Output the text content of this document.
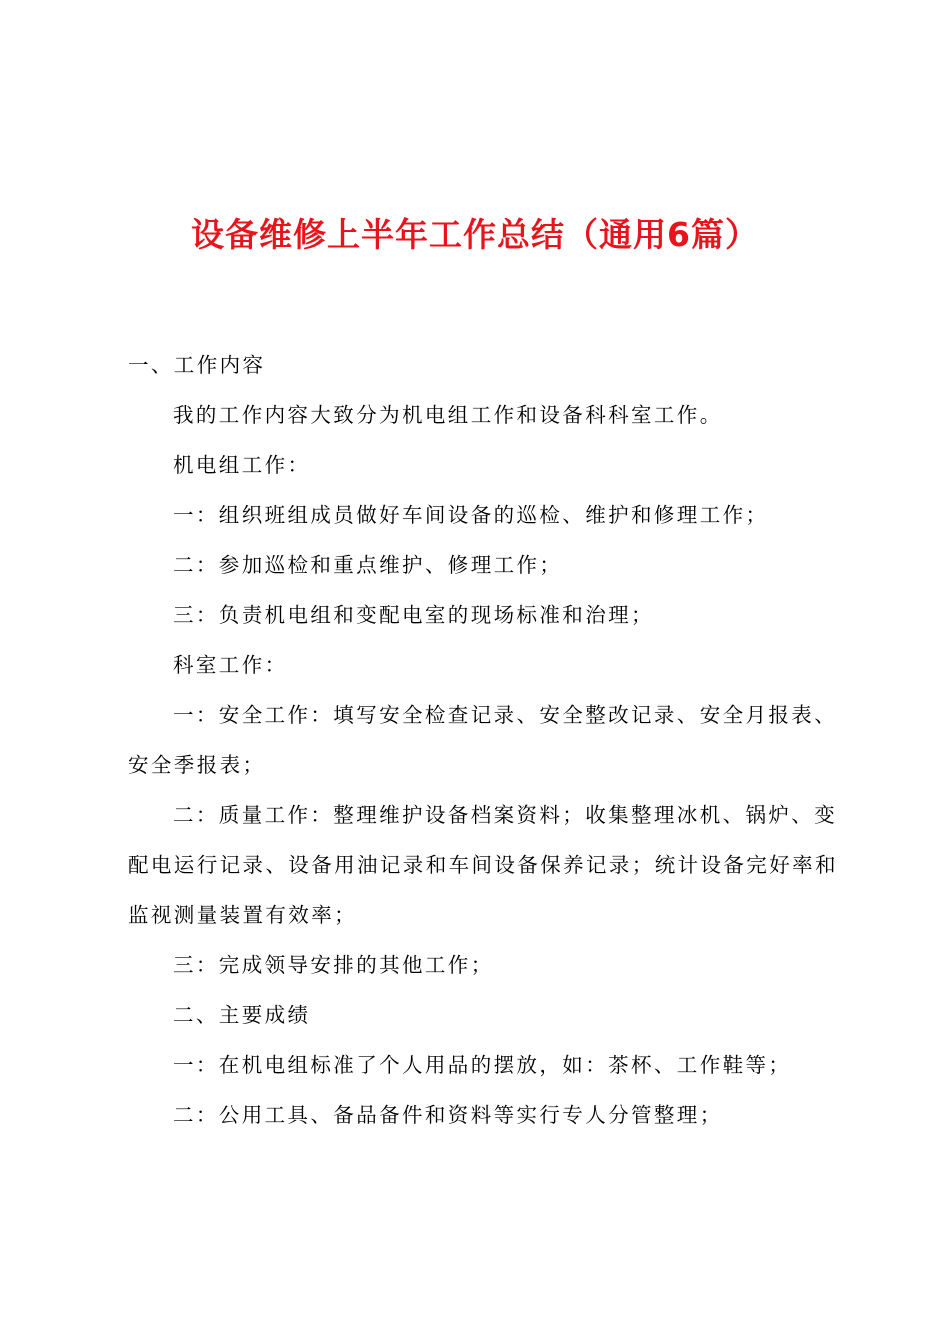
设备维修上半年工作总结（通用6篇）
一、工作内容
我的工作内容大致分为机电组工作和设备科科室工作。
机电组工作：
一：组织班组成员做好车间设备的巡检、维护和修理工作；
二：参加巡检和重点维护、修理工作；
三：负责机电组和变配电室的现场标准和治理；
科室工作：
一：安全工作：填写安全检查记录、安全整改记录、安全月报表、
安全季报表；
二：质量工作：整理维护设备档案资料；收集整理冰机、锅炉、变
配电运行记录、设备用油记录和车间设备保养记录；统计设备完好率和
监视测量装置有效率；
三：完成领导安排的其他工作；
二、主要成绩
一：在机电组标准了个人用品的摆放，如：茶杯、工作鞋等；
二：公用工具、备品备件和资料等实行专人分管整理；
